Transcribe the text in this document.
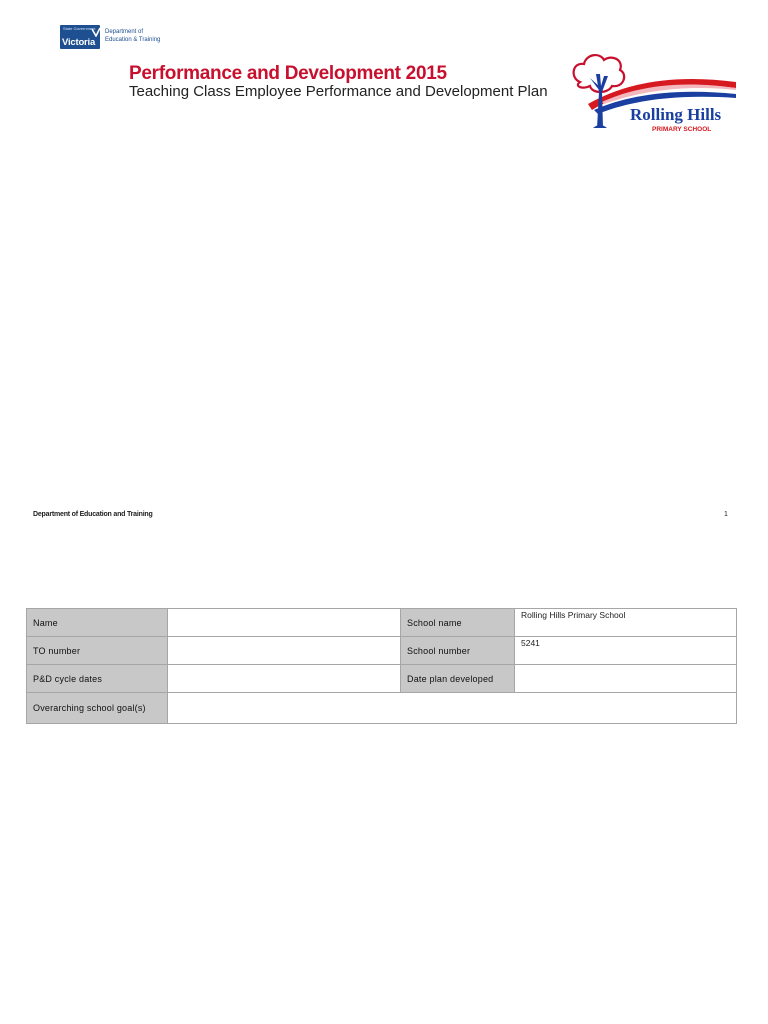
State Government
Victoria
Department of
Education & Training
Performance and Development 2015
Teaching Class Employee Performance and Development Plan
Rolling Hills
PRIMARY SCHOOL
Department of Education and Training	1
Name		School name	Rolling Hills Primary School
TO number		School number	5241
P&D cycle dates		Date plan developed	
Overarching school goal(s)			
